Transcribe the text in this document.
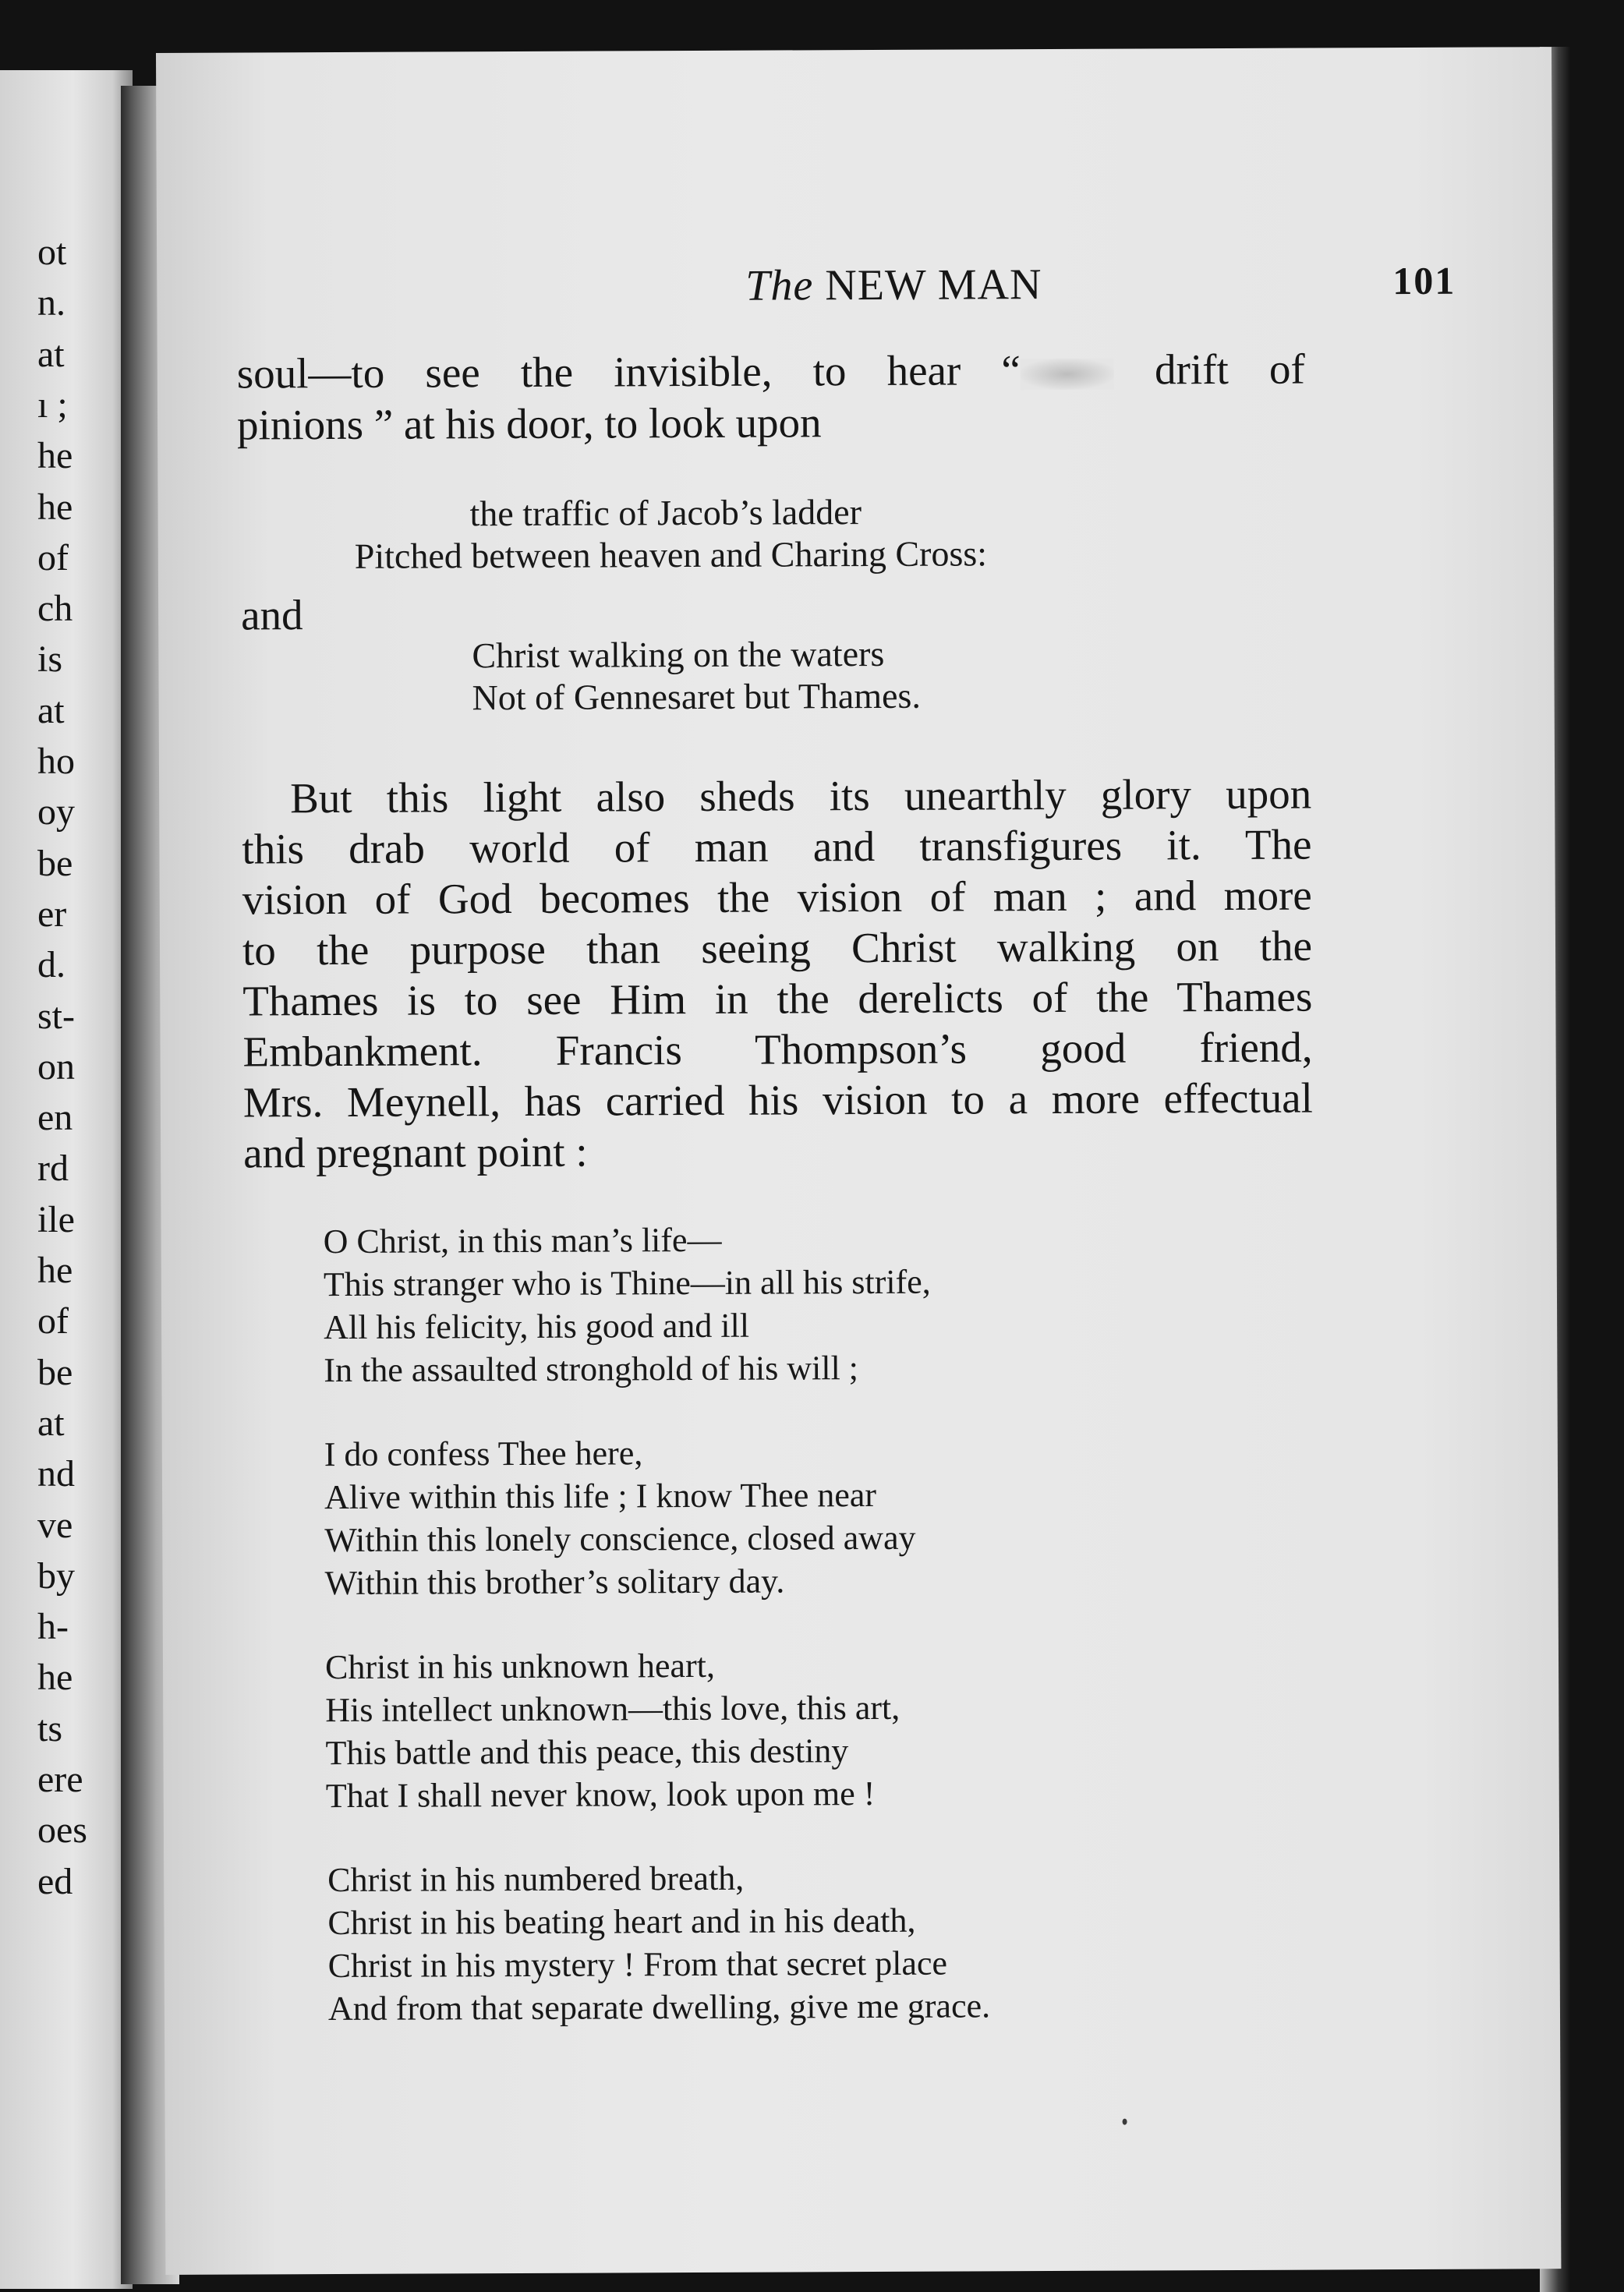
ot
n.
at
ı ;
he
he
of
ch
is
at
ho
oy
be
er
d.
st-
on
en
rd
ile
he
of
be
at
nd
ve
by
h-
he
ts
ere
oes
ed
The NEW MAN	101
soul—to see the invisible, to hear “ drift of
pinions ” at his door, to look upon
the traffic of Jacob’s ladder
Pitched between heaven and Charing Cross:
and
Christ walking on the waters
Not of Gennesaret but Thames.
But this light also sheds its unearthly glory upon
this drab world of man and transfigures it. The
vision of God becomes the vision of man ; and more
to the purpose than seeing Christ walking on the
Thames is to see Him in the derelicts of the Thames
Embankment. Francis Thompson’s good friend,
Mrs. Meynell, has carried his vision to a more effectual
and pregnant point :
O Christ, in this man’s life—
This stranger who is Thine—in all his strife,
All his felicity, his good and ill
In the assaulted stronghold of his will ;
I do confess Thee here,
Alive within this life ; I know Thee near
Within this lonely conscience, closed away
Within this brother’s solitary day.
Christ in his unknown heart,
His intellect unknown—this love, this art,
This battle and this peace, this destiny
That I shall never know, look upon me !
Christ in his numbered breath,
Christ in his beating heart and in his death,
Christ in his mystery ! From that secret place
And from that separate dwelling, give me grace.
